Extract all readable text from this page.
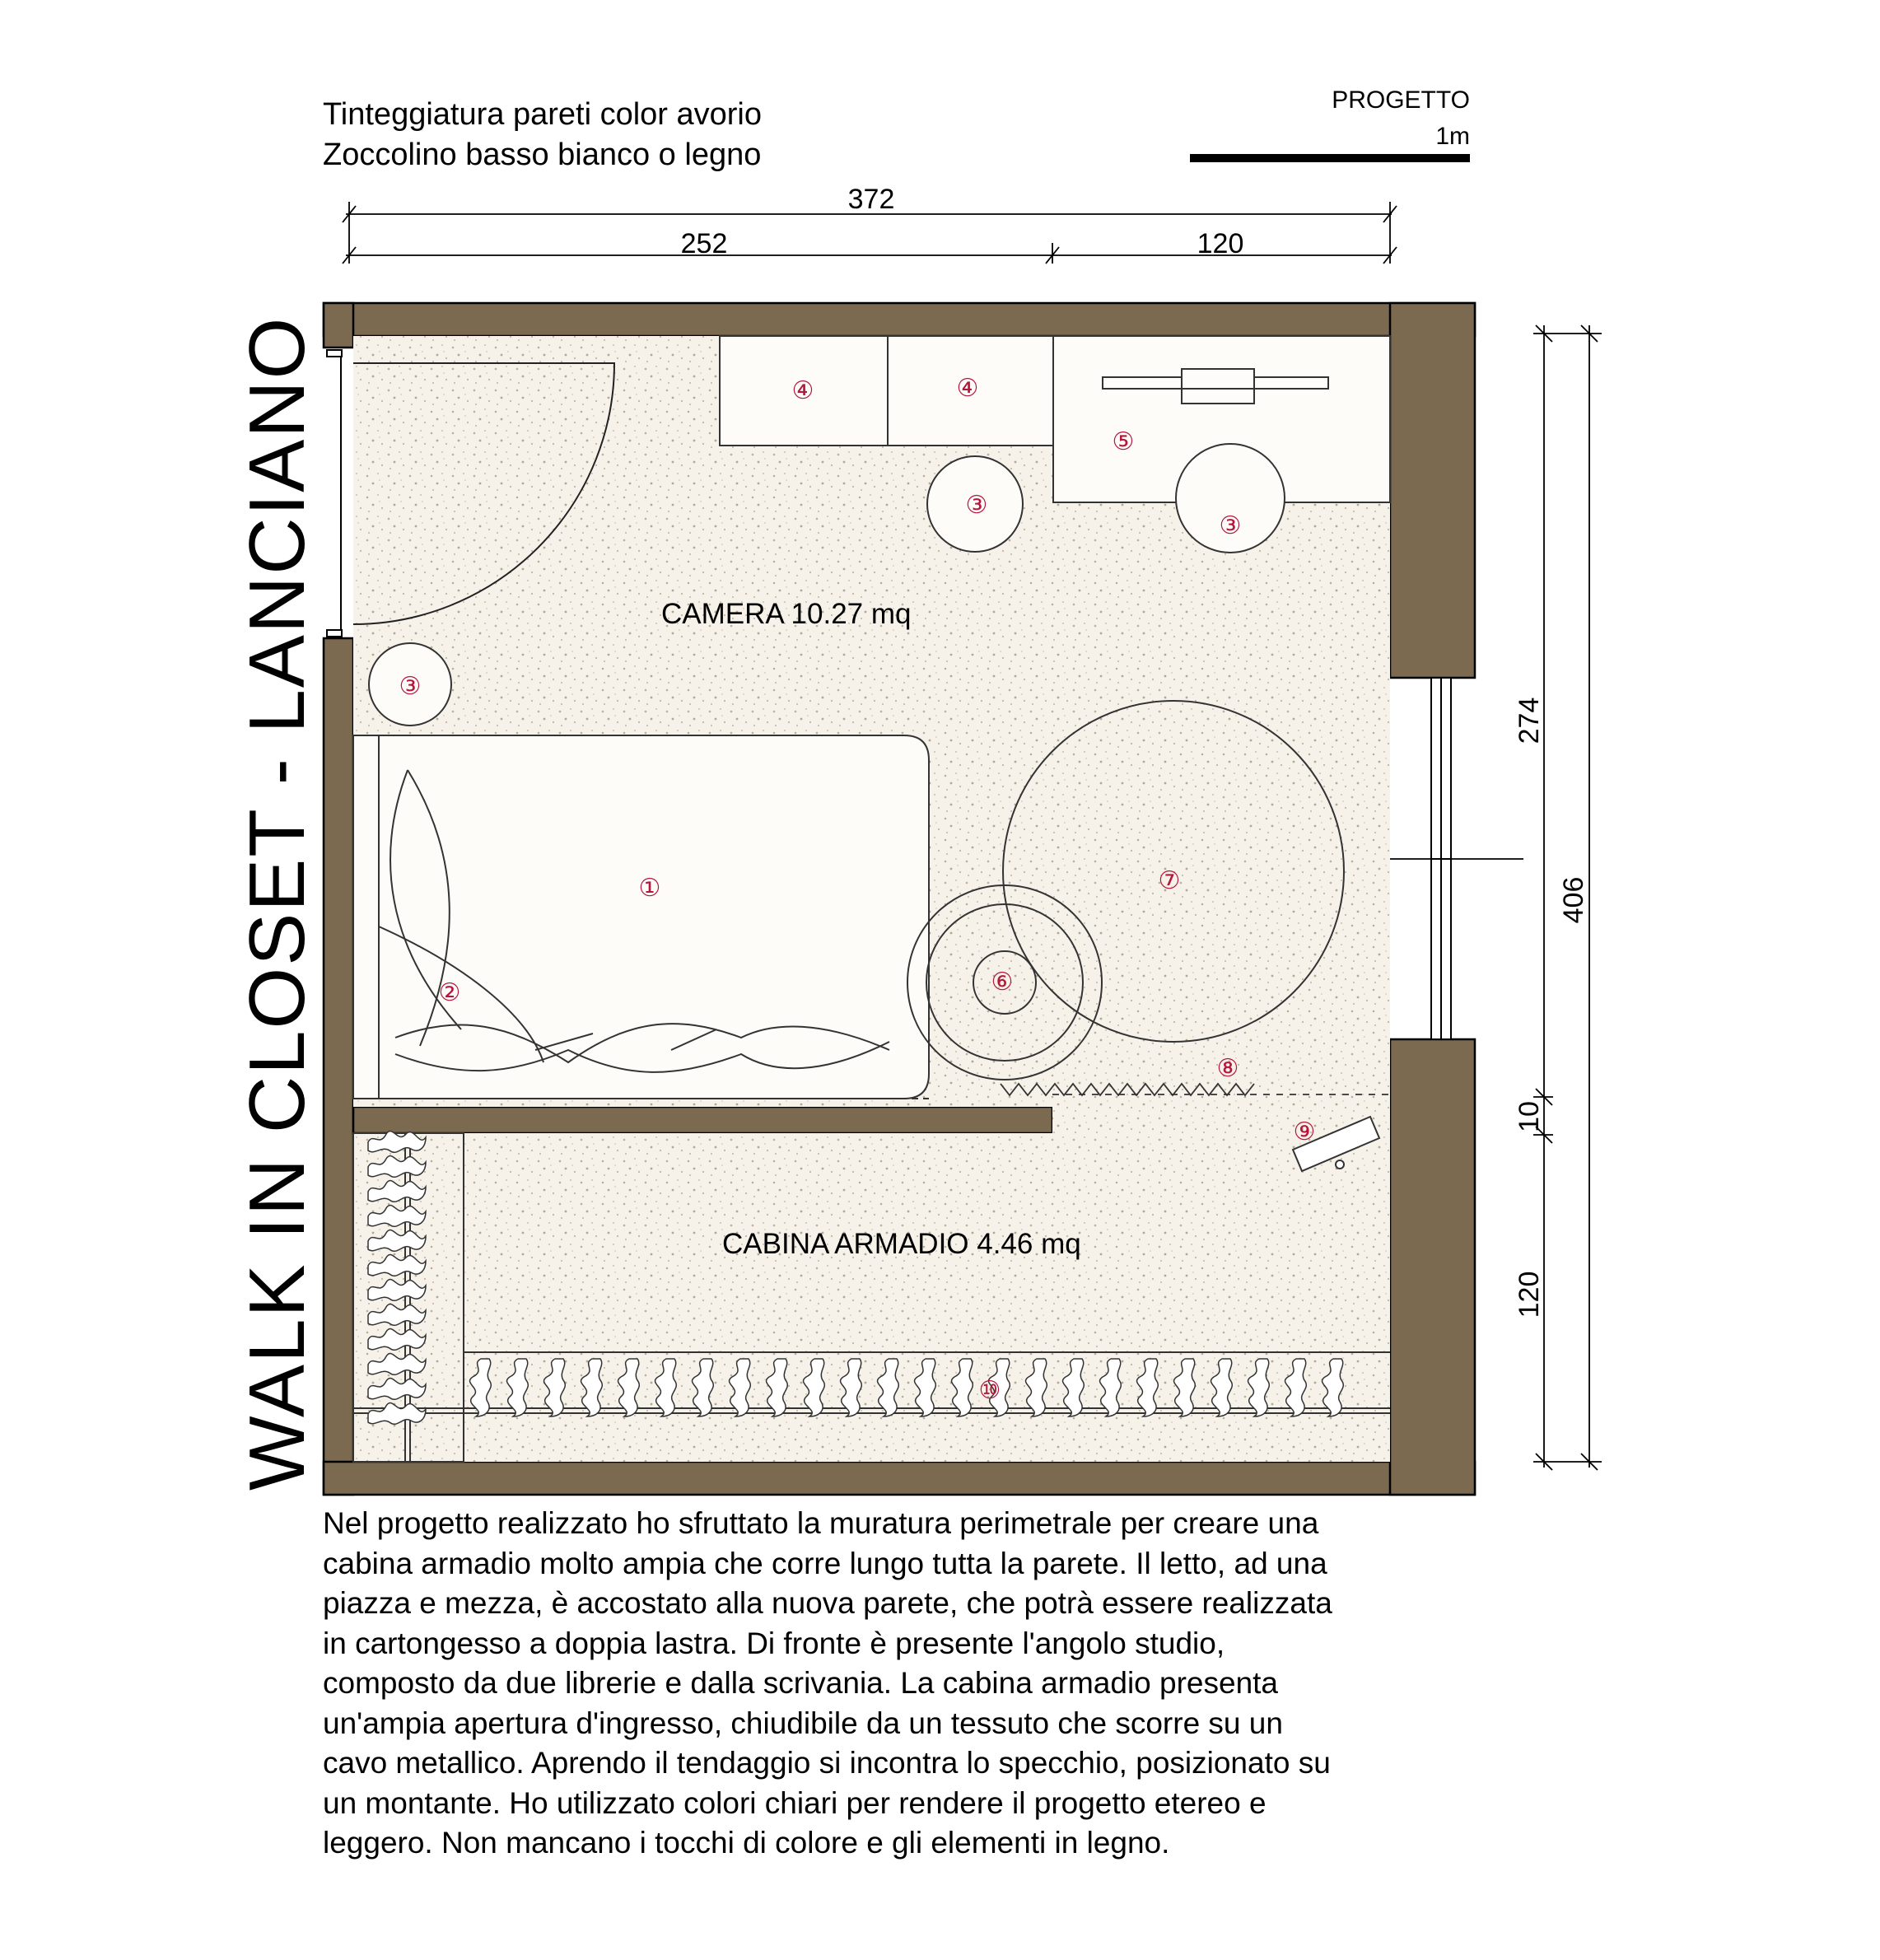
Tinteggiatura pareti color avorio
Zoccolino basso bianco o legno
PROGETTO
1m
WALK IN CLOSET - LANCIANO
372
252	120
274
406
10
120
CAMERA 10.27 mq
CABINA ARMADIO 4.46 mq
④	④
⑤
③
③
③
①
②
⑦
⑥
⑧
⑨
⑩
Nel progetto realizzato ho sfruttato la muratura perimetrale per creare una
cabina armadio molto ampia che corre lungo tutta la parete. Il letto, ad una
piazza e mezza, è accostato alla nuova parete, che potrà essere realizzata
in cartongesso a doppia lastra. Di fronte è presente l'angolo studio,
composto da due librerie e dalla scrivania. La cabina armadio presenta
un'ampia apertura d'ingresso, chiudibile da un tessuto che scorre su un
cavo metallico. Aprendo il tendaggio si incontra lo specchio, posizionato su
un montante. Ho utilizzato colori chiari per rendere il progetto etereo e
leggero. Non mancano i tocchi di colore e gli elementi in legno.
